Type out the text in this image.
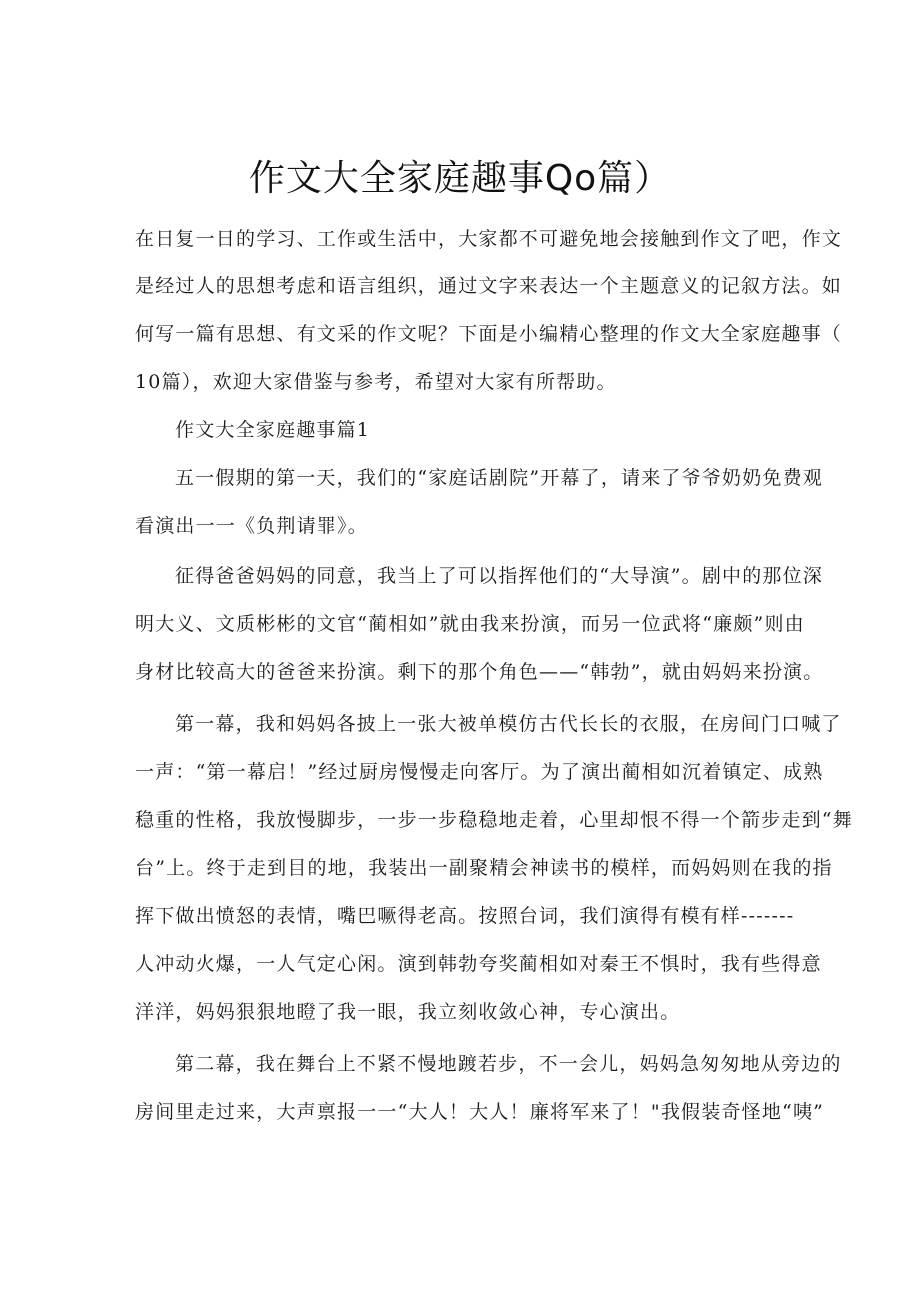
作文大全家庭趣事Qo篇）

在日复一日的学习、工作或生活中，大家都不可避免地会接触到作文了吧，作文

是经过人的思想考虑和语言组织，通过文字来表达一个主题意义的记叙方法。如

何写一篇有思想、有文采的作文呢？下面是小编精心整理的作文大全家庭趣事（

10篇），欢迎大家借鉴与参考，希望对大家有所帮助。

作文大全家庭趣事篇1

五一假期的第一天，我们的“家庭话剧院”开幕了，请来了爷爷奶奶免费观

看演出一一《负荆请罪》。

征得爸爸妈妈的同意，我当上了可以指挥他们的“大导演”。剧中的那位深

明大义、文质彬彬的文官“蔺相如”就由我来扮演，而另一位武将“廉颇”则由

身材比较高大的爸爸来扮演。剩下的那个角色——“韩勃”，就由妈妈来扮演。

第一幕，我和妈妈各披上一张大被单模仿古代长长的衣服，在房间门口喊了

一声：“第一幕启！”经过厨房慢慢走向客厅。为了演出蔺相如沉着镇定、成熟

稳重的性格，我放慢脚步，一步一步稳稳地走着，心里却恨不得一个箭步走到“舞

台”上。终于走到目的地，我装出一副聚精会神读书的模样，而妈妈则在我的指

挥下做出愤怒的表情，嘴巴噘得老高。按照台词，我们演得有模有样-------

人冲动火爆，一人气定心闲。演到韩勃夸奖蔺相如对秦王不惧时，我有些得意

洋洋，妈妈狠狠地瞪了我一眼，我立刻收敛心神，专心演出。

第二幕，我在舞台上不紧不慢地踱若步，不一会儿，妈妈急匆匆地从旁边的

房间里走过来，大声禀报一一“大人！大人！廉将军来了！"我假装奇怪地“咦”
